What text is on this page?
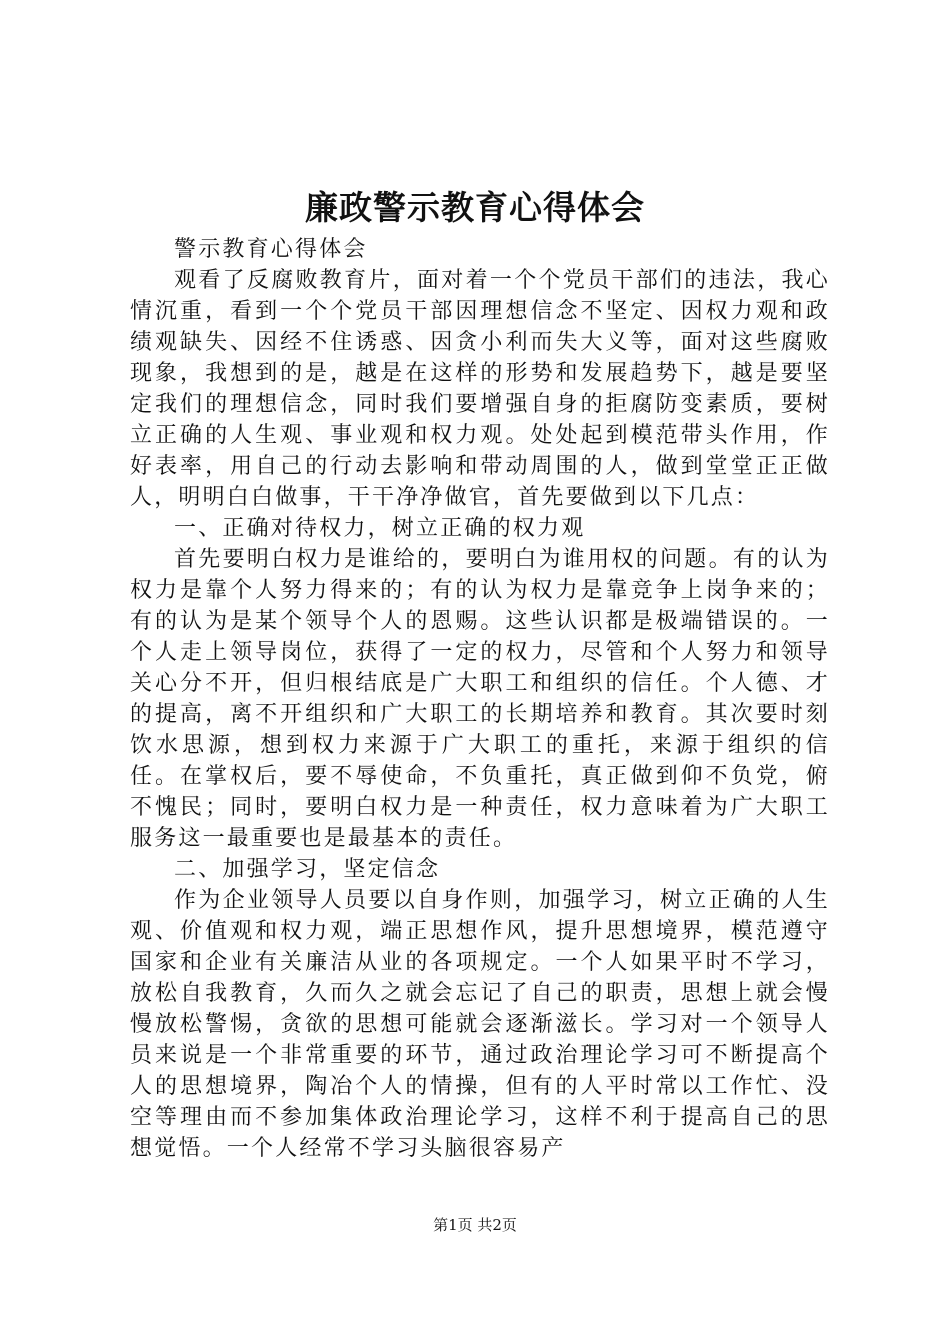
廉政警示教育心得体会

警示教育心得体会

观看了反腐败教育片，面对着一个个党员干部们的违法，我心情沉重，看到一个个党员干部因理想信念不坚定、因权力观和政绩观缺失、因经不住诱惑、因贪小利而失大义等，面对这些腐败现象，我想到的是，越是在这样的形势和发展趋势下，越是要坚定我们的理想信念，同时我们要增强自身的拒腐防变素质，要树立正确的人生观、事业观和权力观。处处起到模范带头作用，作好表率，用自己的行动去影响和带动周围的人，做到堂堂正正做人，明明白白做事，干干净净做官，首先要做到以下几点：

一、正确对待权力，树立正确的权力观

首先要明白权力是谁给的，要明白为谁用权的问题。有的认为权力是靠个人努力得来的；有的认为权力是靠竞争上岗争来的；有的认为是某个领导个人的恩赐。这些认识都是极端错误的。一个人走上领导岗位，获得了一定的权力，尽管和个人努力和领导关心分不开，但归根结底是广大职工和组织的信任。个人德、才的提高，离不开组织和广大职工的长期培养和教育。其次要时刻饮水思源，想到权力来源于广大职工的重托，来源于组织的信任。在掌权后，要不辱使命，不负重托，真正做到仰不负党，俯不愧民；同时，要明白权力是一种责任，权力意味着为广大职工服务这一最重要也是最基本的责任。

二、加强学习，坚定信念

作为企业领导人员要以自身作则，加强学习，树立正确的人生观、价值观和权力观，端正思想作风，提升思想境界，模范遵守国家和企业有关廉洁从业的各项规定。一个人如果平时不学习，放松自我教育，久而久之就会忘记了自己的职责，思想上就会慢慢放松警惕，贪欲的思想可能就会逐渐滋长。学习对一个领导人员来说是一个非常重要的环节，通过政治理论学习可不断提高个人的思想境界，陶冶个人的情操，但有的人平时常以工作忙、没空等理由而不参加集体政治理论学习，这样不利于提高自己的思想觉悟。一个人经常不学习头脑很容易产

第1页 共2页
